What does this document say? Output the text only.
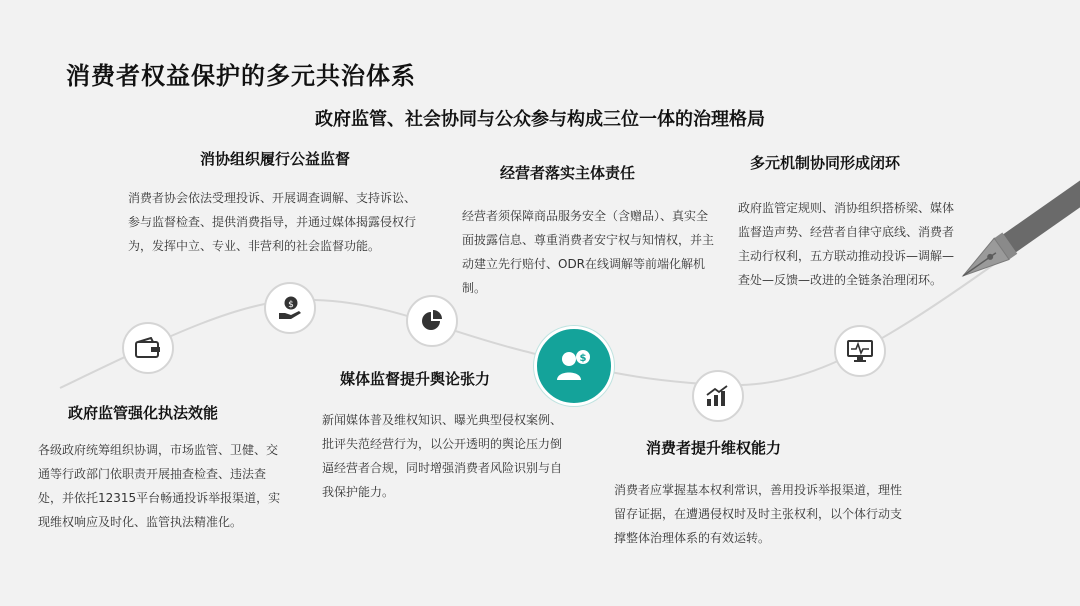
消费者权益保护的多元共治体系
政府监管、社会协同与公众参与构成三位一体的治理格局
$
$
消协组织履行公益监督
消费者协会依法受理投诉、开展调查调解、支持诉讼、参与监督检查、提供消费指导，并通过媒体揭露侵权行为，发挥中立、专业、非营利的社会监督功能。
经营者落实主体责任
经营者须保障商品服务安全（含赠品）、真实全面披露信息、尊重消费者安宁权与知情权，并主动建立先行赔付、ODR在线调解等前端化解机制。
多元机制协同形成闭环
政府监管定规则、消协组织搭桥梁、媒体监督造声势、经营者自律守底线、消费者主动行权利，五方联动推动投诉—调解—查处—反馈—改进的全链条治理闭环。
政府监管强化执法效能
各级政府统筹组织协调，市场监管、卫健、交通等行政部门依职责开展抽查检查、违法查处，并依托12315平台畅通投诉举报渠道，实现维权响应及时化、监管执法精准化。
媒体监督提升舆论张力
新闻媒体普及维权知识、曝光典型侵权案例、批评失范经营行为，以公开透明的舆论压力倒逼经营者合规，同时增强消费者风险识别与自我保护能力。
消费者提升维权能力
消费者应掌握基本权利常识，善用投诉举报渠道，理性留存证据，在遭遇侵权时及时主张权利，以个体行动支撑整体治理体系的有效运转。
